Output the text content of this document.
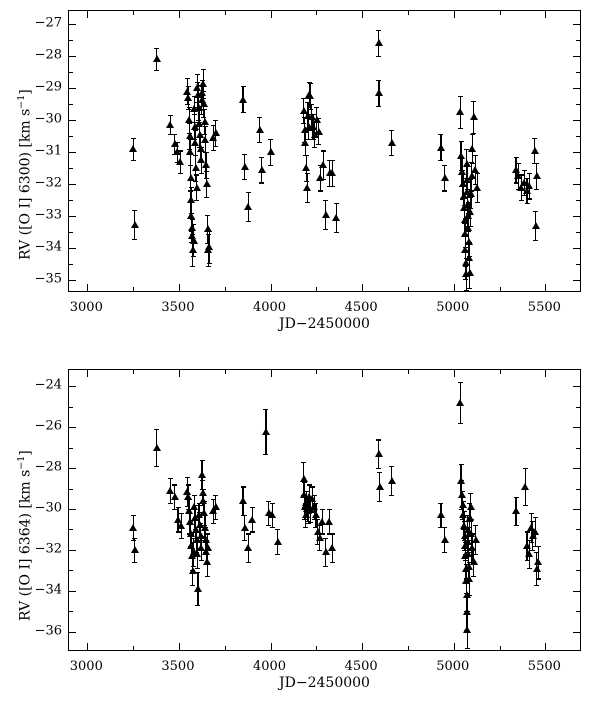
3000	3500	4000	4500	5000	5500
−27
−28
−29
−30
−31
−32
−33
−34
−35
JD−2450000
RV ([O I] 6300) [km $s^{-1}$]
3000	3500	4000	4500	5000	5500
−24
−26
−28
−30
−32
−34
−36
JD−2450000
RV ([O I] 6364) [km $s^{-1}$]
